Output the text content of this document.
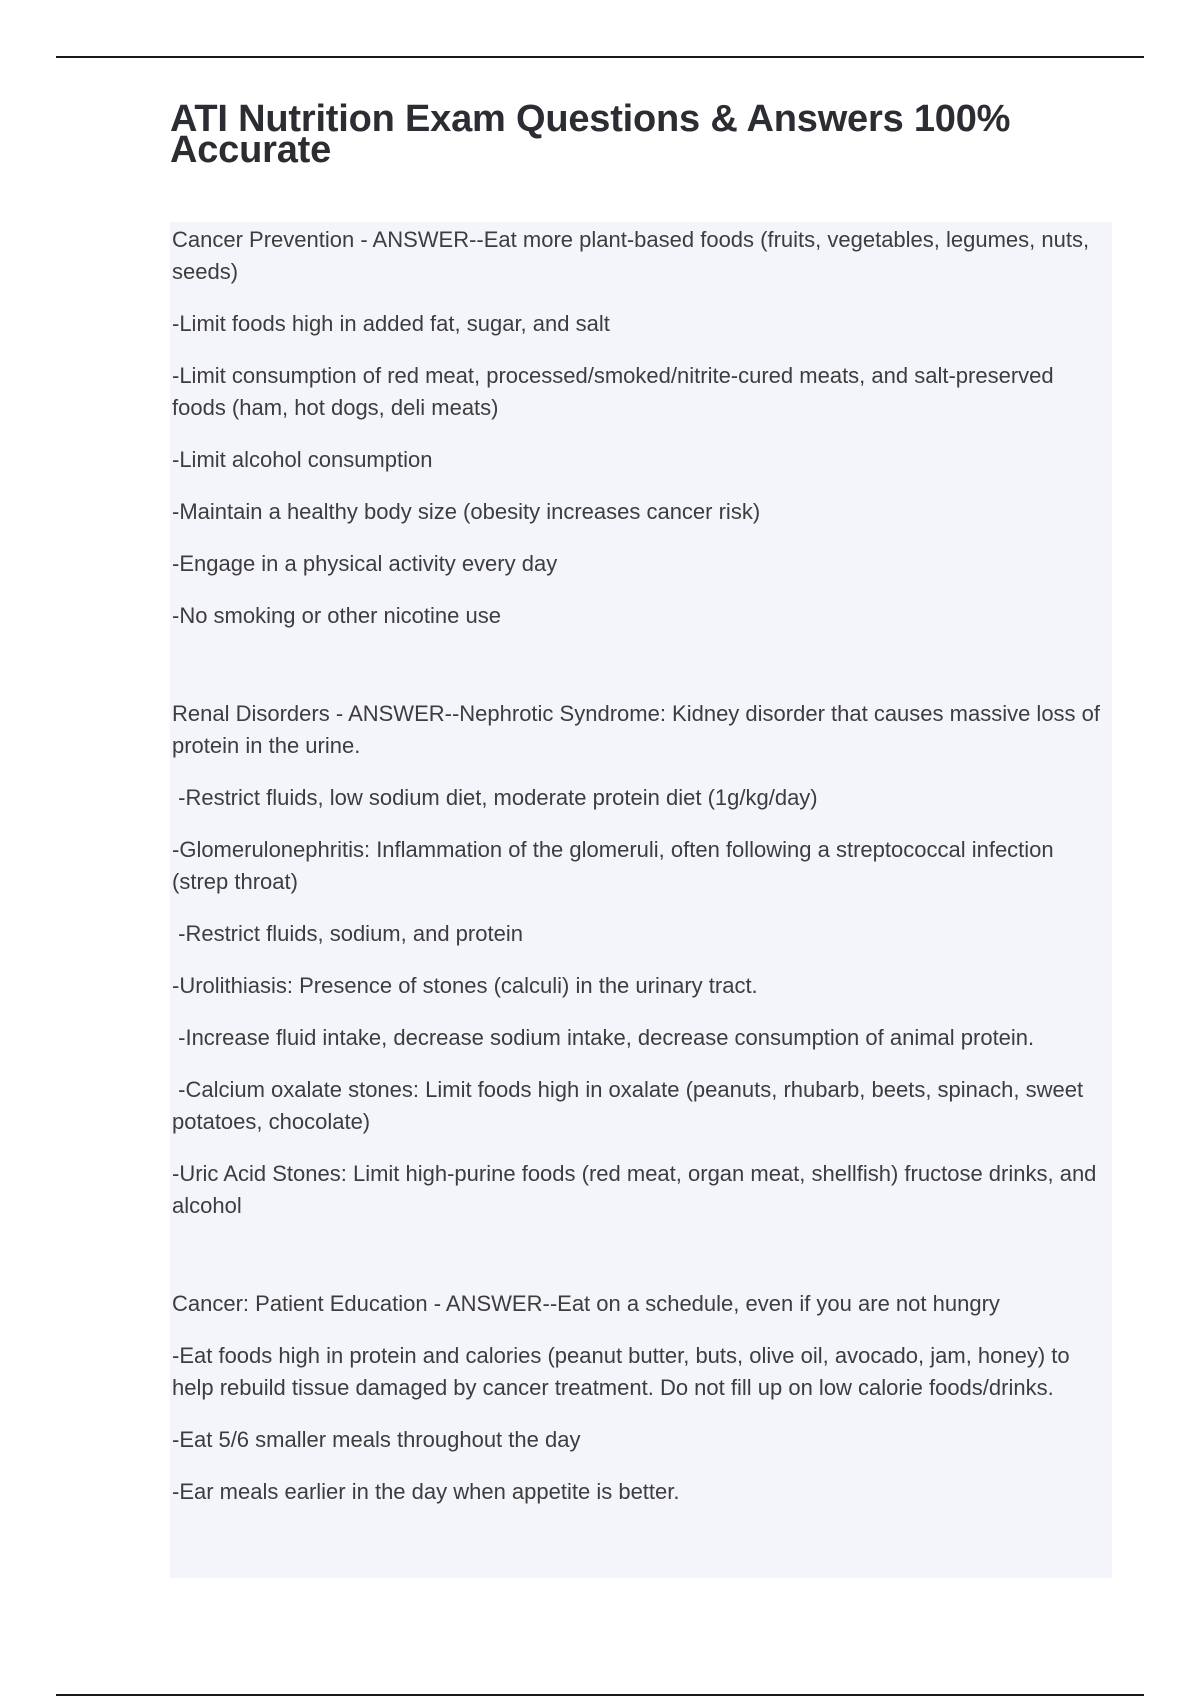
ATI Nutrition Exam Questions & Answers 100% Accurate

Cancer Prevention - ANSWER--Eat more plant-based foods (fruits, vegetables, legumes, nuts, seeds)

-Limit foods high in added fat, sugar, and salt

-Limit consumption of red meat, processed/smoked/nitrite-cured meats, and salt-preserved foods (ham, hot dogs, deli meats)

-Limit alcohol consumption

-Maintain a healthy body size (obesity increases cancer risk)

-Engage in a physical activity every day

-No smoking or other nicotine use

Renal Disorders - ANSWER--Nephrotic Syndrome: Kidney disorder that causes massive loss of protein in the urine.

-Restrict fluids, low sodium diet, moderate protein diet (1g/kg/day)

-Glomerulonephritis: Inflammation of the glomeruli, often following a streptococcal infection (strep throat)

-Restrict fluids, sodium, and protein

-Urolithiasis: Presence of stones (calculi) in the urinary tract.

-Increase fluid intake, decrease sodium intake, decrease consumption of animal protein.

-Calcium oxalate stones: Limit foods high in oxalate (peanuts, rhubarb, beets, spinach, sweet potatoes, chocolate)

-Uric Acid Stones: Limit high-purine foods (red meat, organ meat, shellfish) fructose drinks, and alcohol

Cancer: Patient Education - ANSWER--Eat on a schedule, even if you are not hungry

-Eat foods high in protein and calories (peanut butter, buts, olive oil, avocado, jam, honey) to help rebuild tissue damaged by cancer treatment. Do not fill up on low calorie foods/drinks.

-Eat 5/6 smaller meals throughout the day

-Ear meals earlier in the day when appetite is better.
